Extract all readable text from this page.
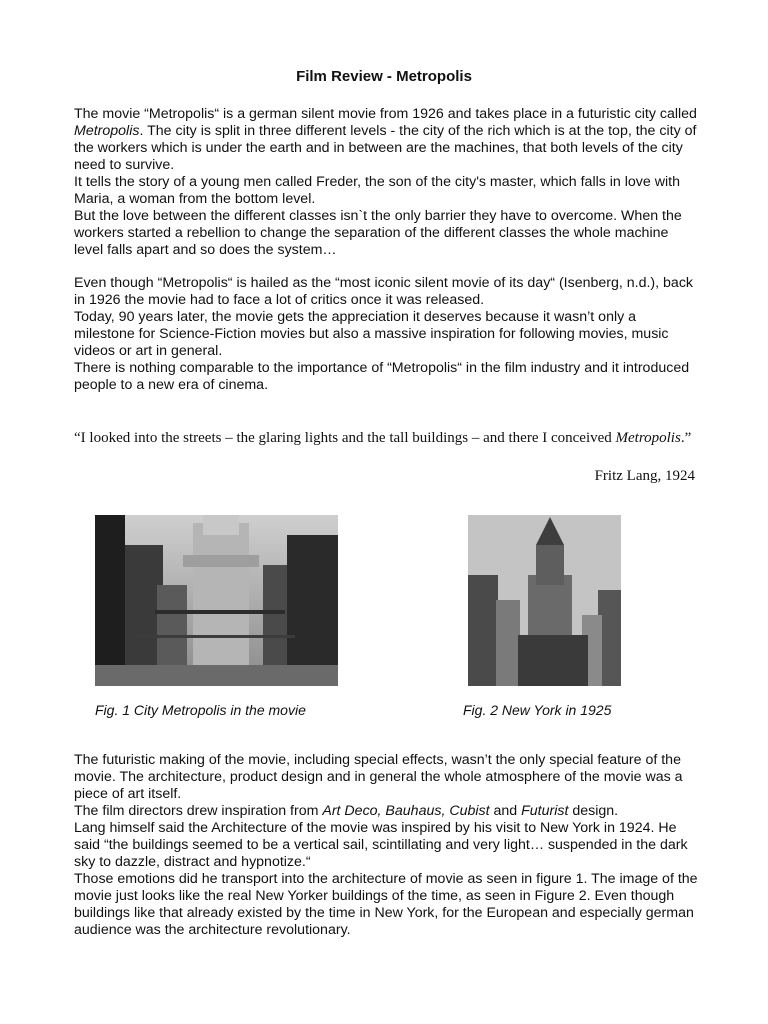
Film Review - Metropolis

The movie “Metropolis“ is a german silent movie from 1926 and takes place in a futuristic city called Metropolis. The city is split in three different levels - the city of the rich which is at the top, the city of the workers which is under the earth and in between are the machines, that both levels of the city need to survive.

It tells the story of a young men called Freder, the son of the city's master, which falls in love with Maria, a woman from the bottom level.

But the love between the different classes isn`t the only barrier they have to overcome. When the workers started a rebellion to change the separation of the different classes the whole machine level falls apart and so does the system…

Even though “Metropolis“ is hailed as the “most iconic silent movie of its day“ (Isenberg, n.d.), back in 1926 the movie had to face a lot of critics once it was released.

Today, 90 years later, the movie gets the appreciation it deserves because it wasn’t only a milestone for Science-Fiction movies but also a massive inspiration for following movies, music videos or art in general.

There is nothing comparable to the importance of “Metropolis“ in the film industry and it introduced people to a new era of cinema.

“I looked into the streets – the glaring lights and the tall buildings – and there I conceived Metropolis.”
Fritz Lang, 1924
Fig. 1 City Metropolis in the movie	Fig. 2 New York in 1925

The futuristic making of the movie, including special effects, wasn’t the only special feature of the movie. The architecture, product design and in general the whole atmosphere of the movie was a piece of art itself.

The film directors drew inspiration from Art Deco, Bauhaus, Cubist and Futurist design.

Lang himself said the Architecture of the movie was inspired by his visit to New York in 1924. He said “the buildings seemed to be a vertical sail, scintillating and very light… suspended in the dark sky to dazzle, distract and hypnotize.“

Those emotions did he transport into the architecture of movie as seen in figure 1. The image of the movie just looks like the real New Yorker buildings of the time, as seen in Figure 2. Even though buildings like that already existed by the time in New York, for the European and especially german audience was the architecture revolutionary.
